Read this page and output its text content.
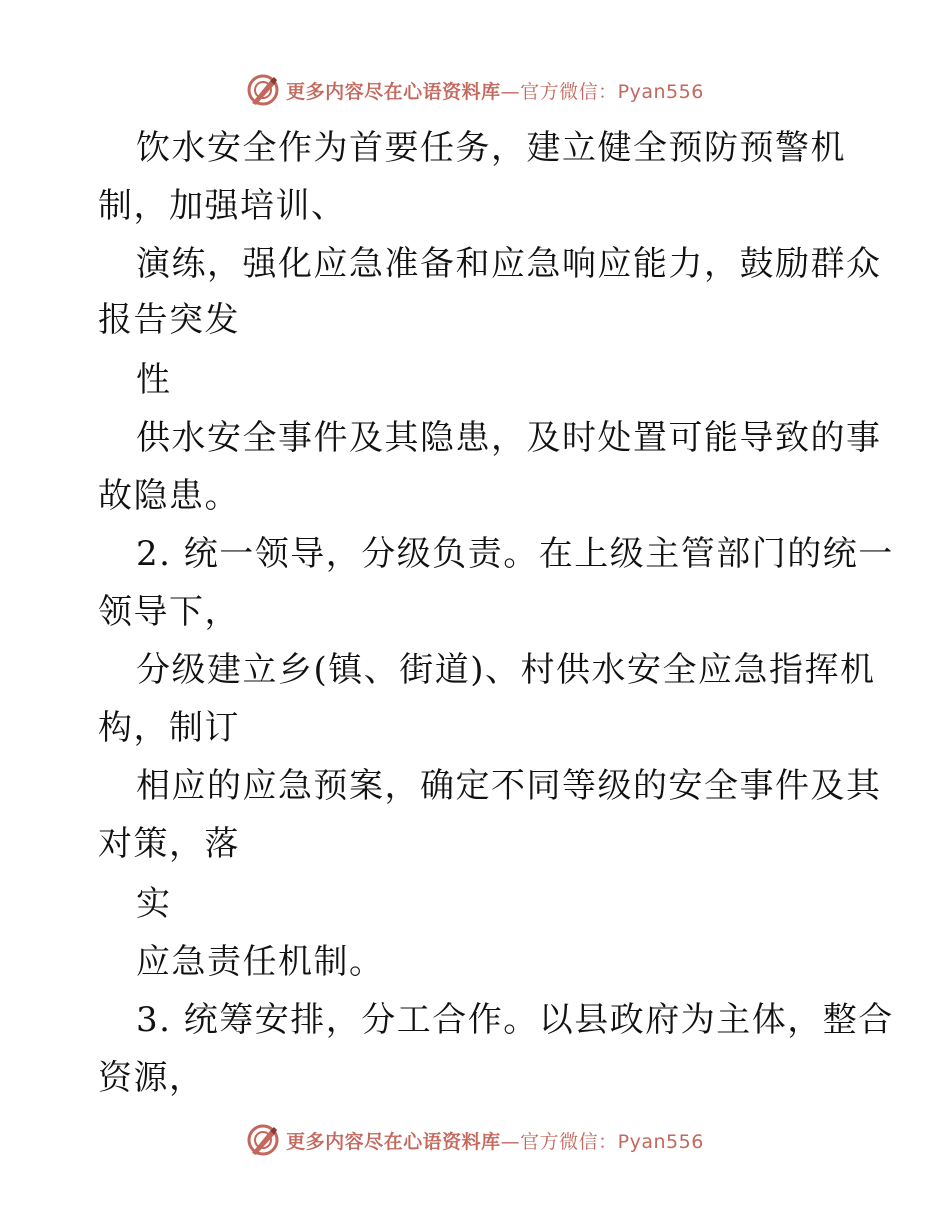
更多内容尽在心语资料库—官方微信：Pyan556
饮水安全作为首要任务，建立健全预防预警机
制，加强培训、
演练，强化应急准备和应急响应能力，鼓励群众
报告突发
性
供水安全事件及其隐患，及时处置可能导致的事
故隐患。
2. 统一领导，分级负责。在上级主管部门的统一
领导下，
分级建立乡(镇、街道)、村供水安全应急指挥机
构，制订
相应的应急预案，确定不同等级的安全事件及其
对策，落
实
应急责任机制。
3. 统筹安排，分工合作。以县政府为主体，整合
资源，
更多内容尽在心语资料库—官方微信：Pyan556
